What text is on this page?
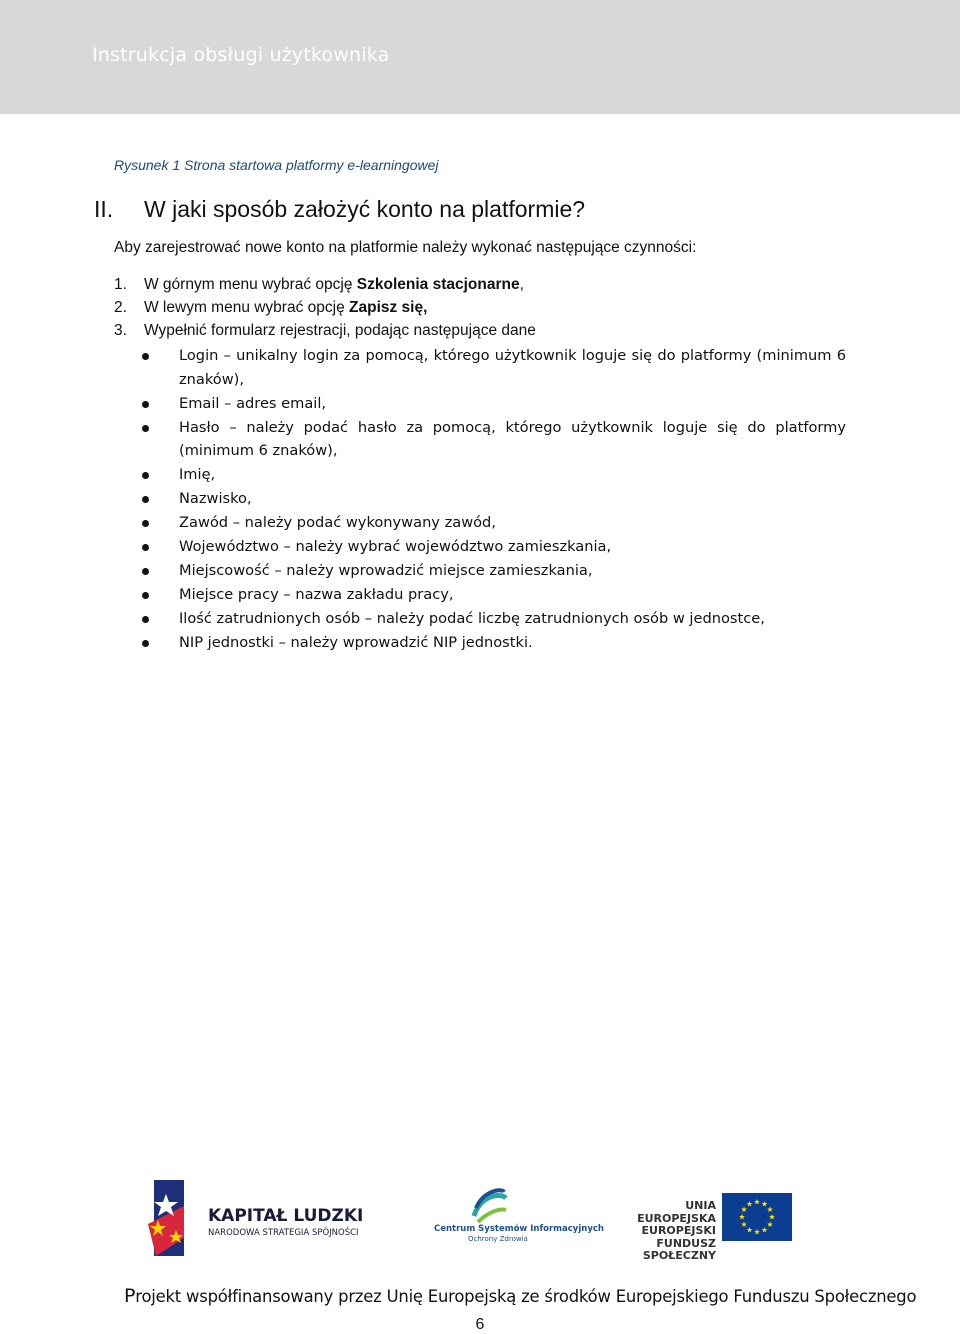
Instrukcja obsługi użytkownika
Rysunek 1 Strona startowa platformy e-learningowej
II. W jaki sposób założyć konto na platformie?
Aby zarejestrować nowe konto na platformie należy wykonać następujące czynności:
1. W górnym menu wybrać opcję Szkolenia stacjonarne,
2. W lewym menu wybrać opcję Zapisz się,
3. Wypełnić formularz rejestracji, podając następujące dane
Login – unikalny login za pomocą, którego użytkownik loguje się do platformy (minimum 6 znaków),
Email – adres email,
Hasło – należy podać hasło za pomocą, którego użytkownik loguje się do platformy (minimum 6 znaków),
Imię,
Nazwisko,
Zawód – należy podać wykonywany zawód,
Województwo – należy wybrać województwo zamieszkania,
Miejscowość – należy wprowadzić miejsce zamieszkania,
Miejsce pracy – nazwa zakładu pracy,
Ilość zatrudnionych osób – należy podać liczbę zatrudnionych osób w jednostce,
NIP jednostki – należy wprowadzić NIP jednostki.
KAPITAŁ LUDZKI
NARODOWA STRATEGIA SPÓJNOŚCI	Centrum Systemów Informacyjnych
Ochrony Zdrowia
UNIA EUROPEJSKA
EUROPEJSKI
FUNDUSZ SPOŁECZNY
Projekt współfinansowany przez Unię Europejską ze środków Europejskiego Funduszu Społecznego
6
